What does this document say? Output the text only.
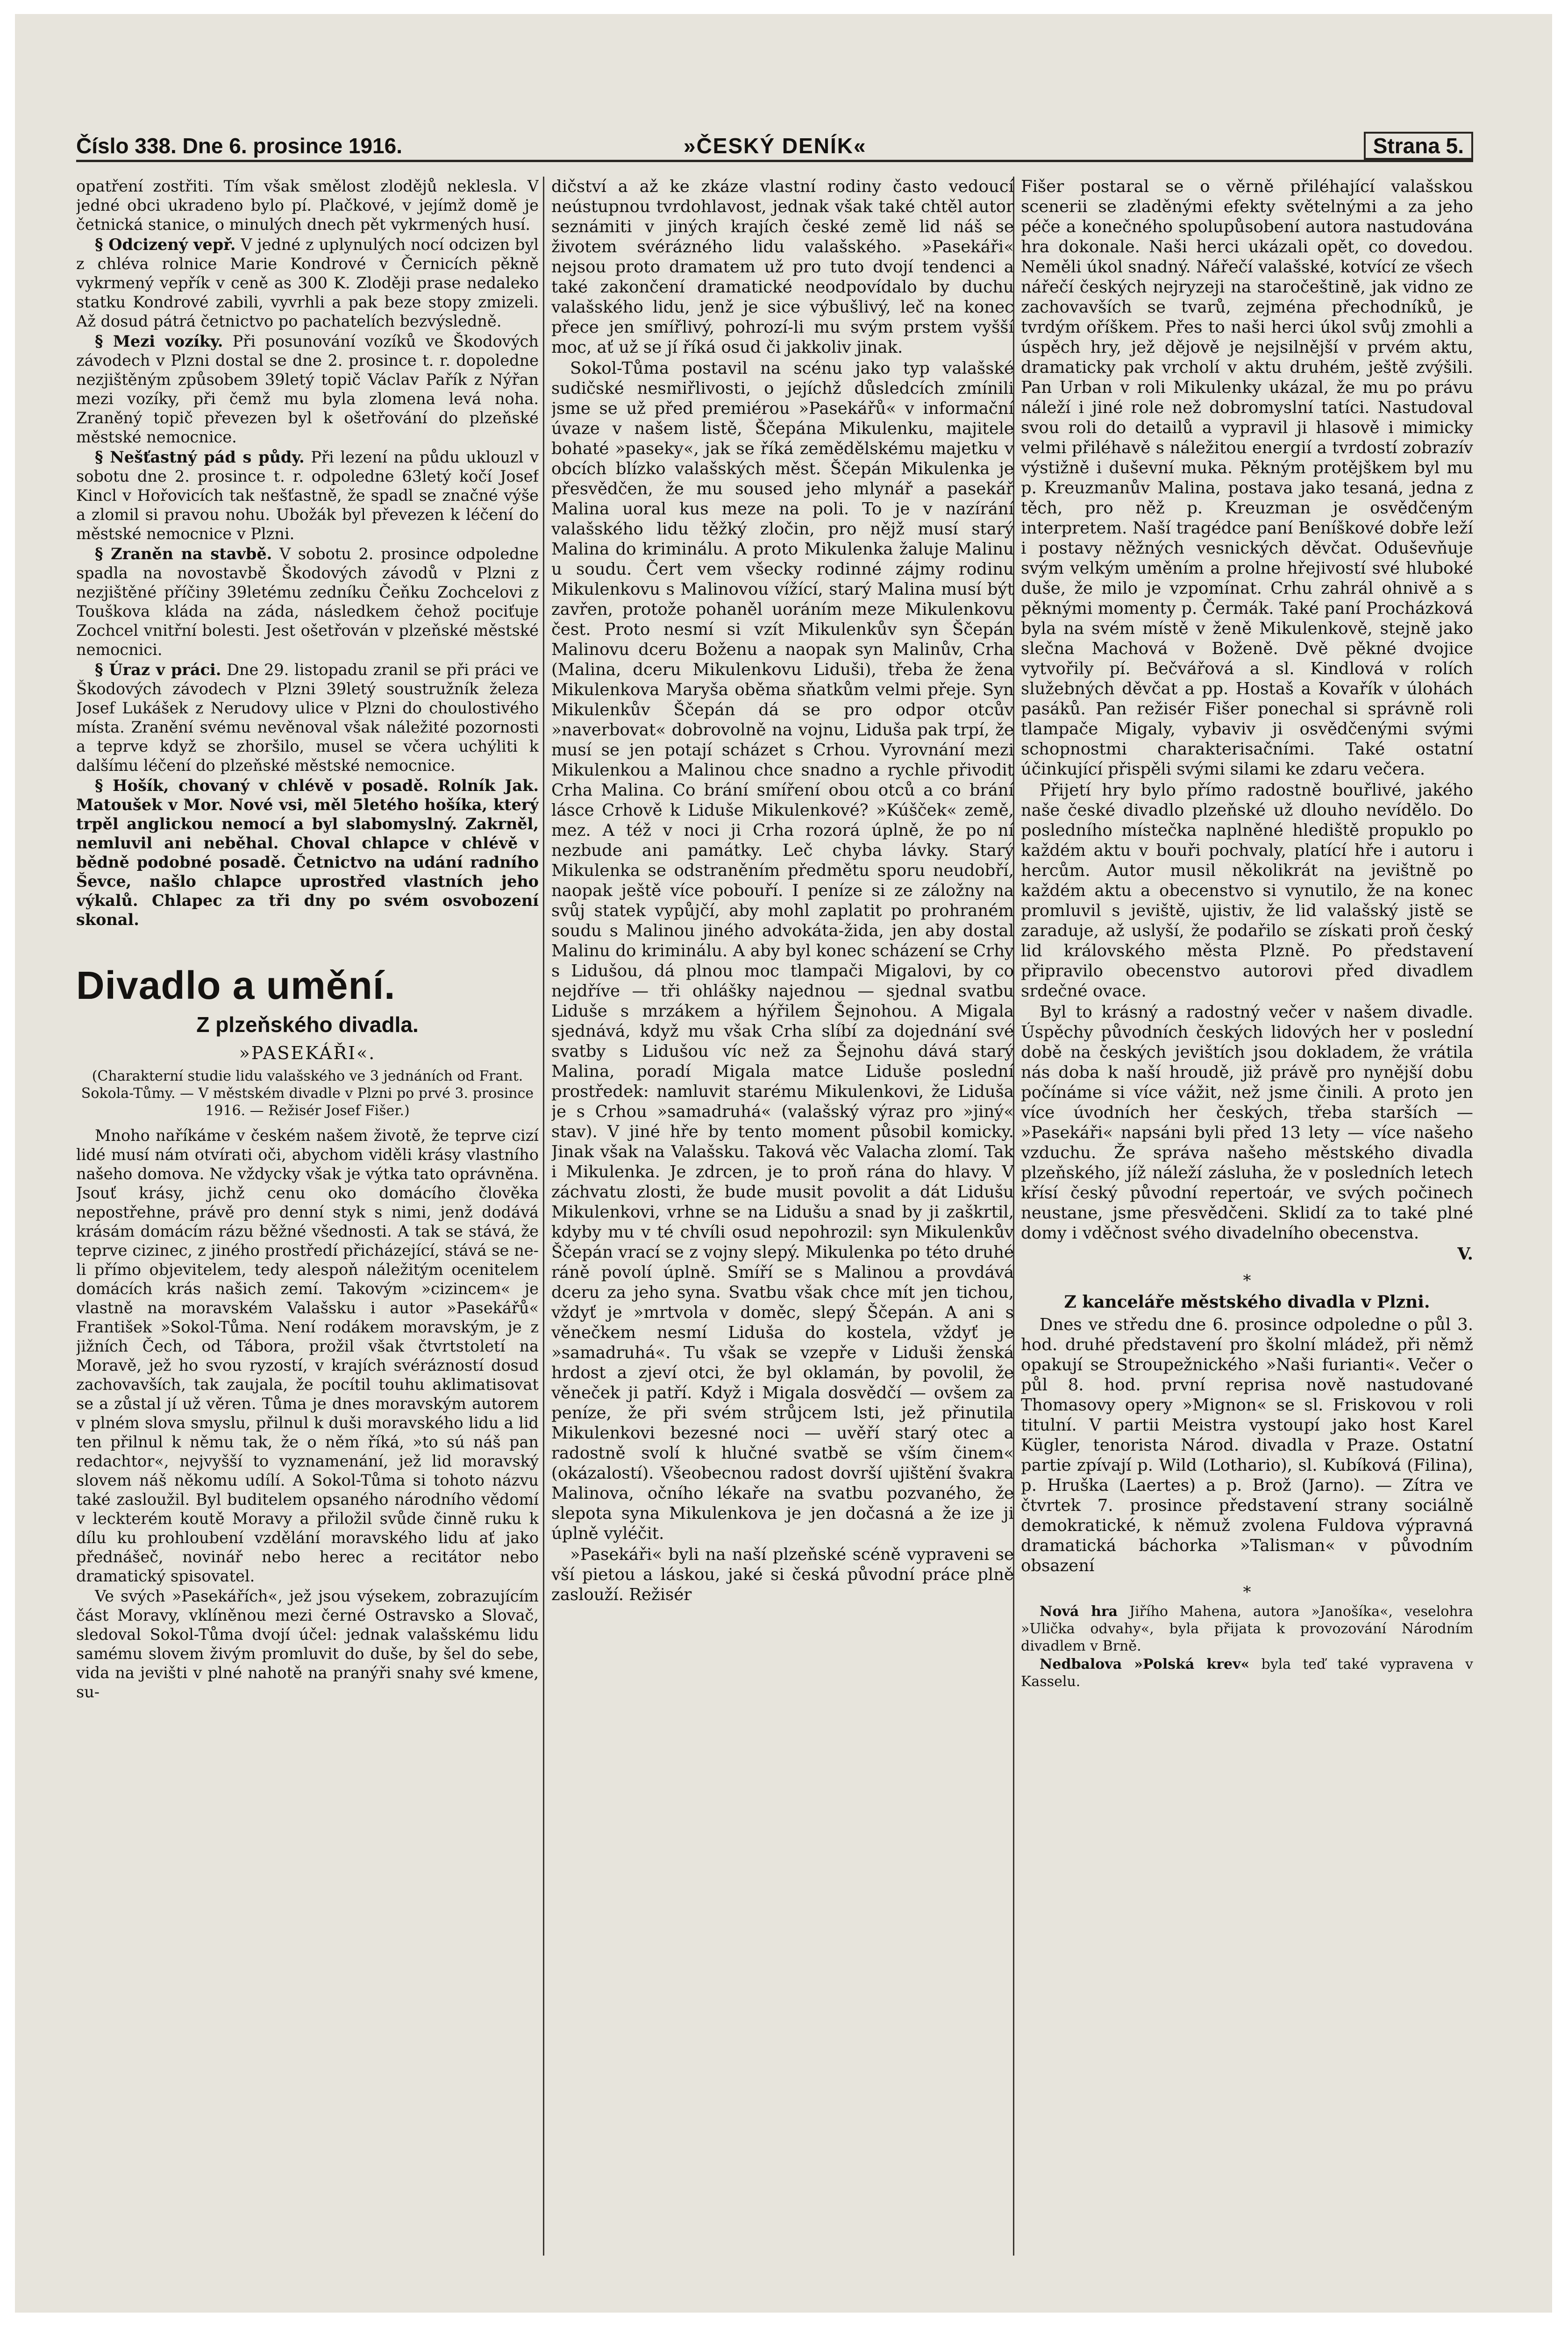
Číslo 338. Dne 6. prosince 1916.	»ČESKÝ DENÍK«	Strana 5.

opatření zostřiti. Tím však smělost zlodějů nekleslа. V jedné obci ukradeno bylo pí. Plačkové, v jejímž domě je četnická stanice, o minulých dnech pět vykrmených husí.

§ Odcizený vepř. V jedné z uplynulých nocí odcizen byl z chléva rolnice Marie Kondrové v Černicích pěkně vykrmený vepřík v ceně as 300 K. Zloději prase nedaleko statku Kondrové zabili, vyvrhli a pak beze stopy zmizeli. Až dosud pátrá četnictvo po pachatelích bezvýsledně.

§ Mezi vozíky. Při posunování vozíků ve Škodových závodech v Plzni dostal se dne 2. prosince t. r. dopoledne nezjištěným způsobem 39letý topič Václav Pařík z Nýřan mezi vozíky, při čemž mu byla zlomena levá noha. Zraněný topič převezen byl k ošetřování do plzeňské městské nemocnice.

§ Nešťastný pád s půdy. Při lezení na půdu uklouzl v sobotu dne 2. prosince t. r. odpoledne 63letý kočí Josef Kincl v Hořovicích tak nešťastně, že spadl se značné výše a zlomil si pravou nohu. Ubožák byl převezen k léčení do městské nemocnice v Plzni.

§ Zraněn na stavbě. V sobotu 2. prosince odpoledne spadla na novostavbě Škodových závodů v Plzni z nezjištěné příčiny 39letému zedníku Čeňku Zochcelovi z Touškova kláda na záda, následkem čehož pociťuje Zochcel vnitřní bolesti. Jest ošetřován v plzeňské městské nemocnici.

§ Úraz v práci. Dne 29. listopadu zranil se při práci ve Škodových závodech v Plzni 39letý soustružník železa Josef Lukášek z Nerudovy ulice v Plzni do choulostivého místa. Zranění svému nevěnoval však náležité pozornosti a teprve když se zhoršilo, musel se včera uchýliti k dalšímu léčení do plzeňské městské nemocnice.

§ Hošík, chovaný v chlévě v posadě. Rolník Jak. Matoušek v Mor. Nové vsi, měl 5letého hošíka, který trpěl anglickou nemocí a byl slabomyslný. Zakrněl, nemluvil ani neběhal. Choval chlapce v chlévě v bědně podobné posadě. Četnictvo na udání radního Ševce, našlo chlapce uprostřed vlastních jeho výkalů. Chlapec za tři dny po svém osvobození skonal.

Divadlo a umění.
Z plzeňského divadla.
»PASEKÁŘI«.
(Charakterní studie lidu valašského ve 3 jednáních od Frant. Sokola-Tůmy. — V městském divadle v Plzni po prvé 3. prosince 1916. — Režisér Josef Fišer.)

Mnoho naříkáme v českém našem životě, že teprve cizí lidé musí nám otvírati oči, abychom viděli krásy vlastního našeho domova. Ne vždycky však je výtka tato oprávněna. Jsouť krásy, jichž cenu oko domácího člověka nepostřehne, právě pro denní styk s nimi, jenž dodává krásám domácím rázu běžné všednosti. A tak se stává, že teprve cizinec, z jiného prostředí přicházející, stává se ne-li přímo objevitelem, tedy alespoň náležitým ocenitelem domácích krás našich zemí. Takovým »cizincem« je vlastně na moravském Valašsku i autor »Pasekářů« František »Sokol-Tůma. Není rodákem moravským, je z jižních Čech, od Tábora, prožil však čtvrtstoletí na Moravě, jež ho svou ryzostí, v krajích svérázností dosud zachovavších, tak zaujala, že pocítil touhu aklimatisovat se a zůstal jí už věren. Tůma je dnes moravským autorem v plném slova smyslu, přilnul k duši moravského lidu a lid ten přilnul k němu tak, že o něm říká, »to sú náš pan redachtor«, nejvyšší to vyznamenání, jež lid moravský slovem náš někomu udílí. A Sokol-Tůma si tohoto názvu také zasloužil. Byl buditelem opsaného národního vědomí v leckterém koutě Moravy a přiložil svůde činně ruku k dílu ku prohloubení vzdělání moravského lidu ať jako přednášeč, novinář nebo herec a recitátor nebo dramatický spisovatel.

Ve svých »Pasekářích«, jež jsou výsekem, zobrazujícím část Moravy, vklíněnou mezi černé Ostravsko a Slovač, sledoval Sokol-Tůma dvojí účel: jednak valašskému lidu samému slovem živým promluvit do duše, by šel do sebe, vida na jevišti v plné nahotě na pranýři snahy své kmene, su-

dičství a až ke zkáze vlastní rodiny často vedoucí neústupnou tvrdohlavost, jednak však také chtěl autor seznámiti v jiných krajích české země lid náš se životem svérázného lidu valašského. »Pasekáři« nejsou proto dramatem už pro tuto dvojí tendenci a také zakončení dramatické neodpovídalo by duchu valašského lidu, jenž je sice výbušlivý, leč na konec přece jen smířlivý, pohrozí-li mu svým prstem vyšší moc, ať už se jí říká osud či jakkoliv jinak.

Sokol-Tůma postavil na scénu jako typ valašské sudičské nesmiřlivosti, o jejíchž důsledcích zmínili jsme se už před premiérou »Pasekářů« v informační úvaze v našem listě, Ščepána Mikulenku, majitele bohaté »paseky«, jak se říká zemědělskému majetku v obcích blízko valašských měst. Ščepán Mikulenka je přesvědčen, že mu soused jeho mlynář a pasekář Malina uoral kus meze na poli. To je v nazírání valašského lidu těžký zločin, pro nějž musí starý Malina do kriminálu. A proto Mikulenka žaluje Malinu u soudu. Čert vem všecky rodinné zájmy rodinu Mikulenkovu s Malinovou vížící, starý Malina musí být zavřen, protože pohaněl uoráním meze Mikulenkovu čest. Proto nesmí si vzít Mikulenkův syn Ščepán Malinovu dceru Boženu a naopak syn Malinův, Crha (Malina, dceru Mikulenkovu Liduši), třeba že žena Mikulenkova Maryša oběma sňatkům velmi přeje. Syn Mikulenkův Ščepán dá se pro odpor otcův »naverbovat« dobrovolně na vojnu, Liduša pak trpí, že musí se jen potají scházet s Crhou. Vyrovnání mezi Mikulenkou a Malinou chce snadno a rychle přivodit Crha Malina. Co brání smíření obou otců a co brání lásce Crhově k Liduše Mikulenkové? »Kúšček« země, mez. A též v noci ji Crha rozorá úplně, že po ní nezbude ani památky. Leč chyba lávky. Starý Mikulenka se odstraněním předmětu sporu neudobří, naopak ještě více pobouří. I peníze si ze záložny na svůj statek vypůjčí, aby mohl zaplatit po prohraném soudu s Malinou jiného advokáta-žida, jen aby dostal Malinu do kriminálu. A aby byl konec scházení se Crhy s Lidušou, dá plnou moc tlampači Migalovi, by co nejdříve — tři ohlášky najednou — sjednal svatbu Liduše s mrzákem a hýřilem Šejnohou. A Migala sjednává, když mu však Crha slíbí za dojednání své svatby s Lidušou víc než za Šejnohu dává starý Malina, poradí Migala matce Liduše poslední prostředek: namluvit starému Mikulenkovi, že Liduša je s Crhou »samadruhá« (valašský výraz pro »jiný« stav). V jiné hře by tento moment působil komicky. Jinak však na Valašsku. Taková věc Valacha zlomí. Tak i Mikulenka. Je zdrcen, je to proň rána do hlavy. V záchvatu zlosti, že bude musit povolit a dát Lidušu Mikulenkovi, vrhne se na Lidušu a snad by ji zaškrtil, kdyby mu v té chvíli osud nepohrozil: syn Mikulenkův Ščepán vrací se z vojny slepý. Mikulenka po této druhé ráně povolí úplně. Smíří se s Malinou a provdává dceru za jeho syna. Svatbu však chce mít jen tichou, vždyť je »mrtvola v doměc, slepý Ščepán. A ani s věnečkem nesmí Liduša do kostela, vždyť je »samadruhá«. Tu však se vzepře v Liduši ženská hrdost a zjeví otci, že byl oklamán, by povolil, že věneček ji patří. Když i Migala dosvědčí — ovšem za peníze, že při svém strůjcem lsti, jež přinutila Mikulenkovi bezesné noci — uvěří starý otec a radostně svolí k hlučné svatbě se vším činem« (okázalostí). Všeobecnou radost dovrší ujištění švakra Malinova, očního lékaře na svatbu pozvaného, že slepota syna Mikulenkova je jen dočasná a že ize ji úplně vyléčit.

»Pasekáři« byli na naší plzeňské scéně vypraveni se vší pietou a láskou, jaké si česká původní práce plně zaslouží. Režisér

Fišer postaral se o věrně přiléhající valašskou scenerii se zladěnými efekty světelnými a za jeho péče a konečného spolupůsobení autora nastudována hra dokonale. Naši herci ukázali opět, co dovedou. Neměli úkol snadný. Nářečí valašské, kotvící ze všech nářečí českých nejryzeji na staročeštině, jak vidno ze zachovavších se tvarů, zejména přechodníků, je tvrdým oříškem. Přes to naši herci úkol svůj zmohli a úspěch hry, jež dějově je nejsilnější v prvém aktu, dramaticky pak vrcholí v aktu druhém, ještě zvýšili. Pan Urban v roli Mikulenky ukázal, že mu po právu náleží i jiné role než dobromyslní tatíci. Nastudoval svou roli do detailů a vypravil ji hlasově i mimicky velmi přiléhavě s náležitou energií a tvrdostí zobrazív výstižně i duševní muka. Pěkným protějškem byl mu p. Kreuzmanův Malina, postava jako tesaná, jedna z těch, pro něž p. Kreuzman je osvědčeným interpretem. Naší tragédce paní Beníškové dobře leží i postavy něžných vesnických děvčat. Oduševňuje svým velkým uměním a prolne hřejivostí své hluboké duše, že milo je vzpomínat. Crhu zahrál ohnivě a s pěknými momenty p. Čermák. Také paní Procházková byla na svém místě v ženě Mikulenkově, stejně jako slečna Machová v Boženě. Dvě pěkné dvojice vytvořily pí. Bečvářová a sl. Kindlová v rolích služebných děvčat a pp. Hostaš a Kovařík v úlohách pasáků. Pan režisér Fišer ponechal si správně roli tlampače Migaly, vybaviv ji osvědčenými svými schopnostmi charakterisačními. Také ostatní účinkující přispěli svými silami ke zdaru večera.

Přijetí hry bylo přímo radostně bouřlivé, jakého naše české divadlo plzeňské už dlouho nevídělo. Do posledního místečka naplněné hlediště propuklo po každém aktu v bouři pochvaly, platící hře i autoru i hercům. Autor musil několikrát na jevištně po každém aktu a obecenstvo si vynutilo, že na konec promluvil s jeviště, ujistiv, že lid valašský jistě se zaraduje, až uslyší, že podařilo se získati proň český lid královského města Plzně. Po představení připravilo obecenstvo autorovi před divadlem srdečné ovace.

Byl to krásný a radostný večer v našem divadle. Úspěchy původních českých lidových her v poslední době na českých jevištích jsou dokladem, že vrátila nás doba k naší hroudě, již právě pro nynější dobu počínáme si více vážit, než jsme činili. A proto jen více úvodních her českých, třeba starších — »Pasekáři« napsáni byli před 13 lety — více našeho vzduchu. Že správa našeho městského divadla plzeňského, jíž náleží zásluha, že v posledních letech křísí český původní repertoár, ve svých počinech neustane, jsme přesvědčeni. Sklidí za to také plné domy i vděčnost svého divadelního obecenstva.

V.
*
Z kanceláře městského divadla v Plzni.

Dnes ve středu dne 6. prosince odpoledne o půl 3. hod. druhé představení pro školní mládež, při němž opakují se Stroupežnického »Naši furianti«. Večer o půl 8. hod. první reprisa nově nastudované Thomasovy opery »Mignon« se sl. Friskovou v roli titulní. V partii Meistra vystoupí jako host Karel Kügler, tenorista Národ. divadla v Praze. Ostatní partie zpívají p. Wild (Lothario), sl. Kubíková (Filina), p. Hruška (Laertes) a p. Brož (Jarno). — Zítra ve čtvrtek 7. prosince představení strany sociálně demokratické, k němuž zvolena Fuldova výpravná dramatická báchorka »Talisman« v původním obsazení

*

Nová hra Jiřího Mahena, autora »Janošíka«, veselohra »Ulička odvahy«, byla přijata k provozování Národním divadlem v Brně.

Nedbalova »Polská krev« byla teď také vypravena v Kasselu.
